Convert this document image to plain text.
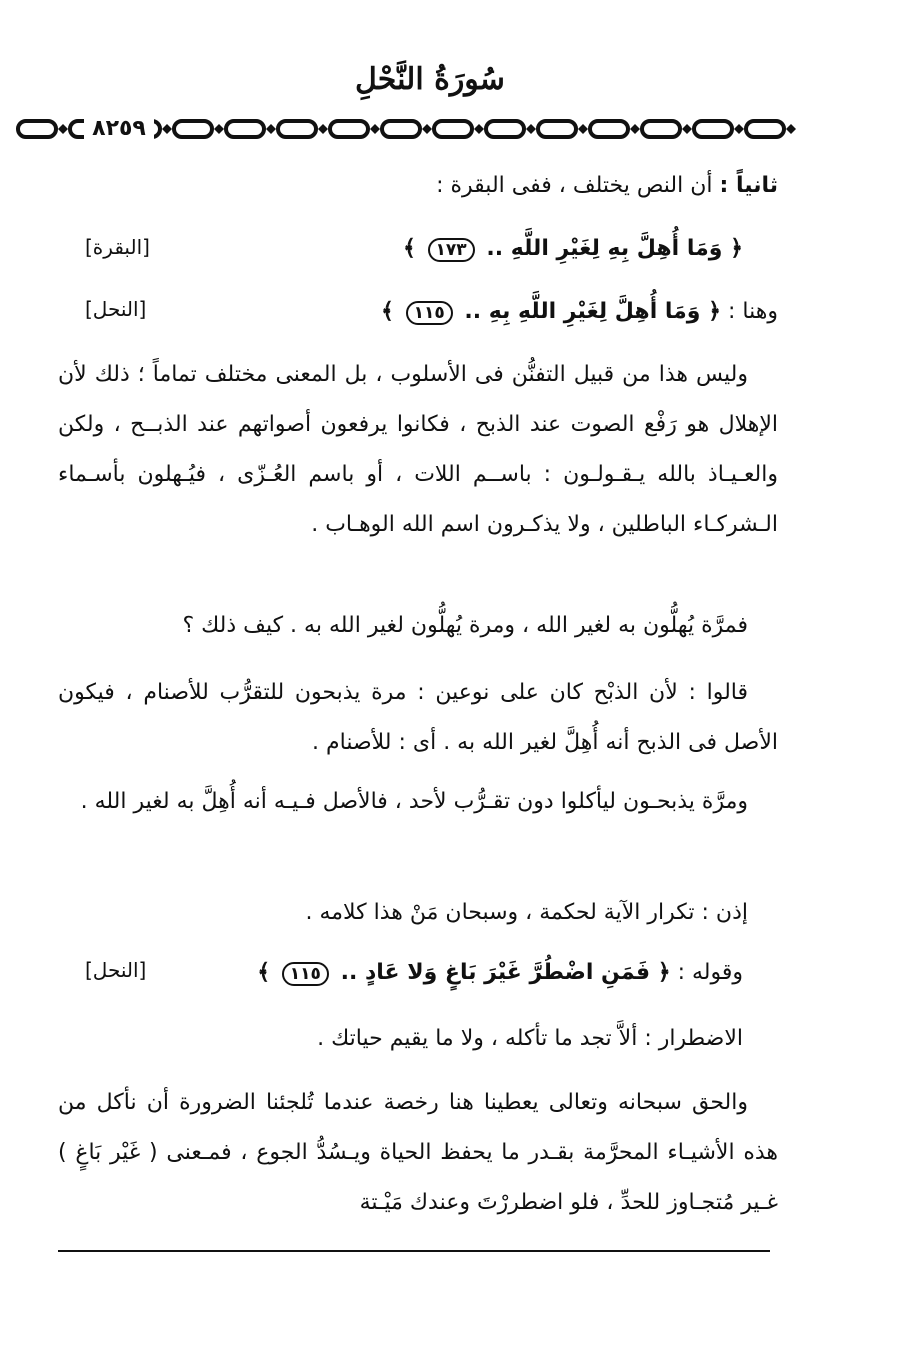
سُورَةُ النَّحْلِ
٨٢٥٩
ثانياً : أن النص يختلف ، ففى البقرة :
﴿ وَمَا أُهِلَّ بِهِ لِغَيْرِ اللَّهِ .. ١٧٣ ﴾
[البقرة]
وهنا : ﴿ وَمَا أُهِلَّ لِغَيْرِ اللَّهِ بِهِ .. ١١٥ ﴾
[النحل]
وليس هذا من قبيل التفنُّن فى الأسلوب ، بل المعنى مختلف تماماً ؛ ذلك لأن الإهلال هو رَفْع الصوت عند الذبح ، فكانوا يرفعون أصواتهم عند الذبــح ، ولكن والعـيـاذ بالله يـقـولـون : باســم اللات ، أو باسم العُـزّى ، فيُـهلون بأسـماء الـشركـاء الباطلين ، ولا يذكـرون اسم الله الوهـاب .
فمرَّة يُهلُّون به لغير الله ، ومرة يُهلُّون لغير الله به . كيف ذلك ؟
قالوا : لأن الذبْح كان على نوعين : مرة يذبحون للتقرُّب للأصنام ، فيكون الأصل فى الذبح أنه أُهِلَّ لغير الله به . أى : للأصنام .
ومرَّة يذبحـون ليأكلوا دون تقـرُّب لأحد ، فالأصل فـيـه أنه أُهِلَّ به لغير الله .
إذن : تكرار الآية لحكمة ، وسبحان مَنْ هذا كلامه .
وقوله : ﴿ فَمَنِ اضْطُرَّ غَيْرَ بَاغٍ وَلا عَادٍ .. ١١٥ ﴾
[النحل]
الاضطرار : ألاَّ تجد ما تأكله ، ولا ما يقيم حياتك .
والحق سبحانه وتعالى يعطينا هنا رخصة عندما تُلجئنا الضرورة أن نأكل من هذه الأشيـاء المحرَّمة بقـدر ما يحفظ الحياة ويـسُدُّ الجوع ، فمـعنى ( غَيْر بَاغٍ ) غـير مُتجـاوز للحدِّ ، فلو اضطررْتَ وعندك مَيْـتة
